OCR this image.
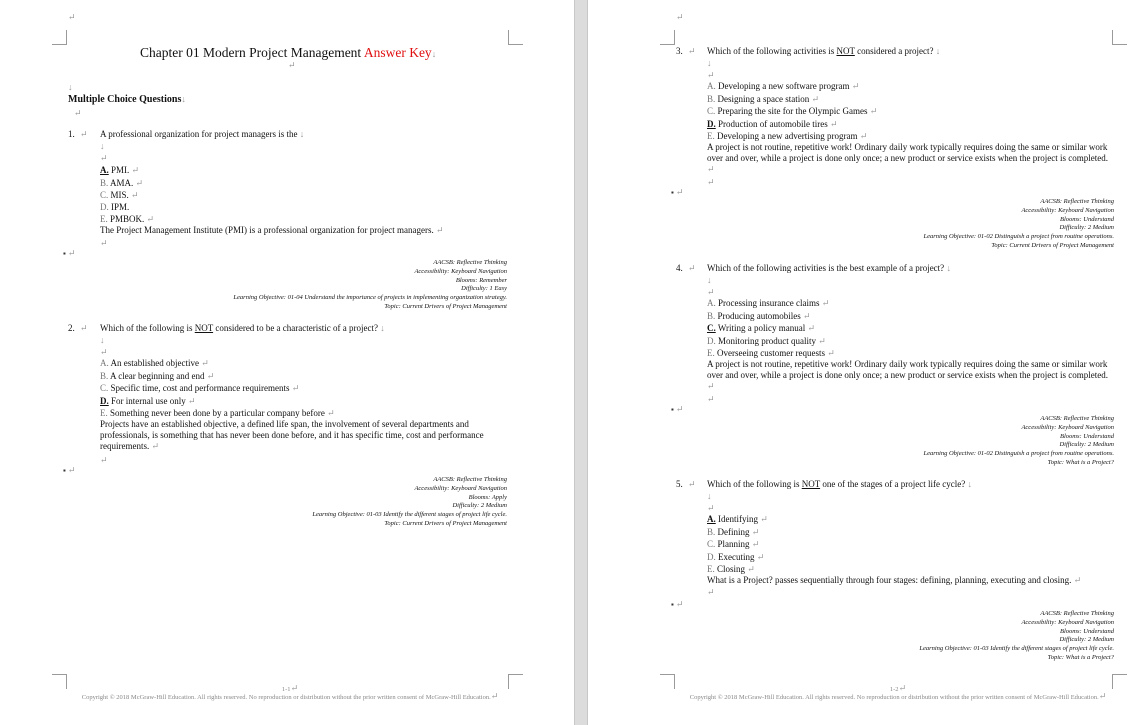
↵
Chapter 01 Modern Project Management Answer Key↓
↵
↓
Multiple Choice Questions↓
↵
1. ↵ A professional organization for project managers is the ↓
↓
↵
A. PMI. ↵
B. AMA. ↵
C. MIS. ↵
D. IPM.
E. PMBOK. ↵
The Project Management Institute (PMI) is a professional organization for project managers. ↵
↵
▪ ↵
AACSB: Reflective Thinking
Accessibility: Keyboard Navigation
Blooms: Remember
Difficulty: 1 Easy
Learning Objective: 01-04 Understand the importance of projects in implementing organization strategy.
Topic: Current Drivers of Project Management
2. ↵ Which of the following is NOT considered to be a characteristic of a project? ↓
↓
↵
A. An established objective ↵
B. A clear beginning and end ↵
C. Specific time, cost and performance requirements ↵
D. For internal use only ↵
E. Something never been done by a particular company before ↵
Projects have an established objective, a defined life span, the involvement of several departments and professionals, is something that has never been done before, and it has specific time, cost and performance requirements. ↵
↵
▪ ↵
AACSB: Reflective Thinking
Accessibility: Keyboard Navigation
Blooms: Apply
Difficulty: 2 Medium
Learning Objective: 01-03 Identify the different stages of project life cycle.
Topic: Current Drivers of Project Management
1-1↵
Copyright © 2018 McGraw-Hill Education. All rights reserved. No reproduction or distribution without the prior written consent of McGraw-Hill Education.↵
↵
3. ↵ Which of the following activities is NOT considered a project? ↓
↓
↵
A. Developing a new software program ↵
B. Designing a space station ↵
C. Preparing the site for the Olympic Games ↵
D. Production of automobile tires ↵
E. Developing a new advertising program ↵
A project is not routine, repetitive work! Ordinary daily work typically requires doing the same or similar work over and over, while a project is done only once; a new product or service exists when the project is completed. ↵
↵
▪ ↵
AACSB: Reflective Thinking
Accessibility: Keyboard Navigation
Blooms: Understand
Difficulty: 2 Medium
Learning Objective: 01-02 Distinguish a project from routine operations.
Topic: Current Drivers of Project Management
4. ↵ Which of the following activities is the best example of a project? ↓
↓
↵
A. Processing insurance claims ↵
B. Producing automobiles ↵
C. Writing a policy manual ↵
D. Monitoring product quality ↵
E. Overseeing customer requests ↵
A project is not routine, repetitive work! Ordinary daily work typically requires doing the same or similar work over and over, while a project is done only once; a new product or service exists when the project is completed. ↵
↵
▪ ↵
AACSB: Reflective Thinking
Accessibility: Keyboard Navigation
Blooms: Understand
Difficulty: 2 Medium
Learning Objective: 01-02 Distinguish a project from routine operations.
Topic: What is a Project?
5. ↵ Which of the following is NOT one of the stages of a project life cycle? ↓
↓
↵
A. Identifying ↵
B. Defining ↵
C. Planning ↵
D. Executing ↵
E. Closing ↵
What is a Project? passes sequentially through four stages: defining, planning, executing and closing. ↵
↵
▪ ↵
AACSB: Reflective Thinking
Accessibility: Keyboard Navigation
Blooms: Understand
Difficulty: 2 Medium
Learning Objective: 01-03 Identify the different stages of project life cycle.
Topic: What is a Project?
1-2↵
Copyright © 2018 McGraw-Hill Education. All rights reserved. No reproduction or distribution without the prior written consent of McGraw-Hill Education.↵
